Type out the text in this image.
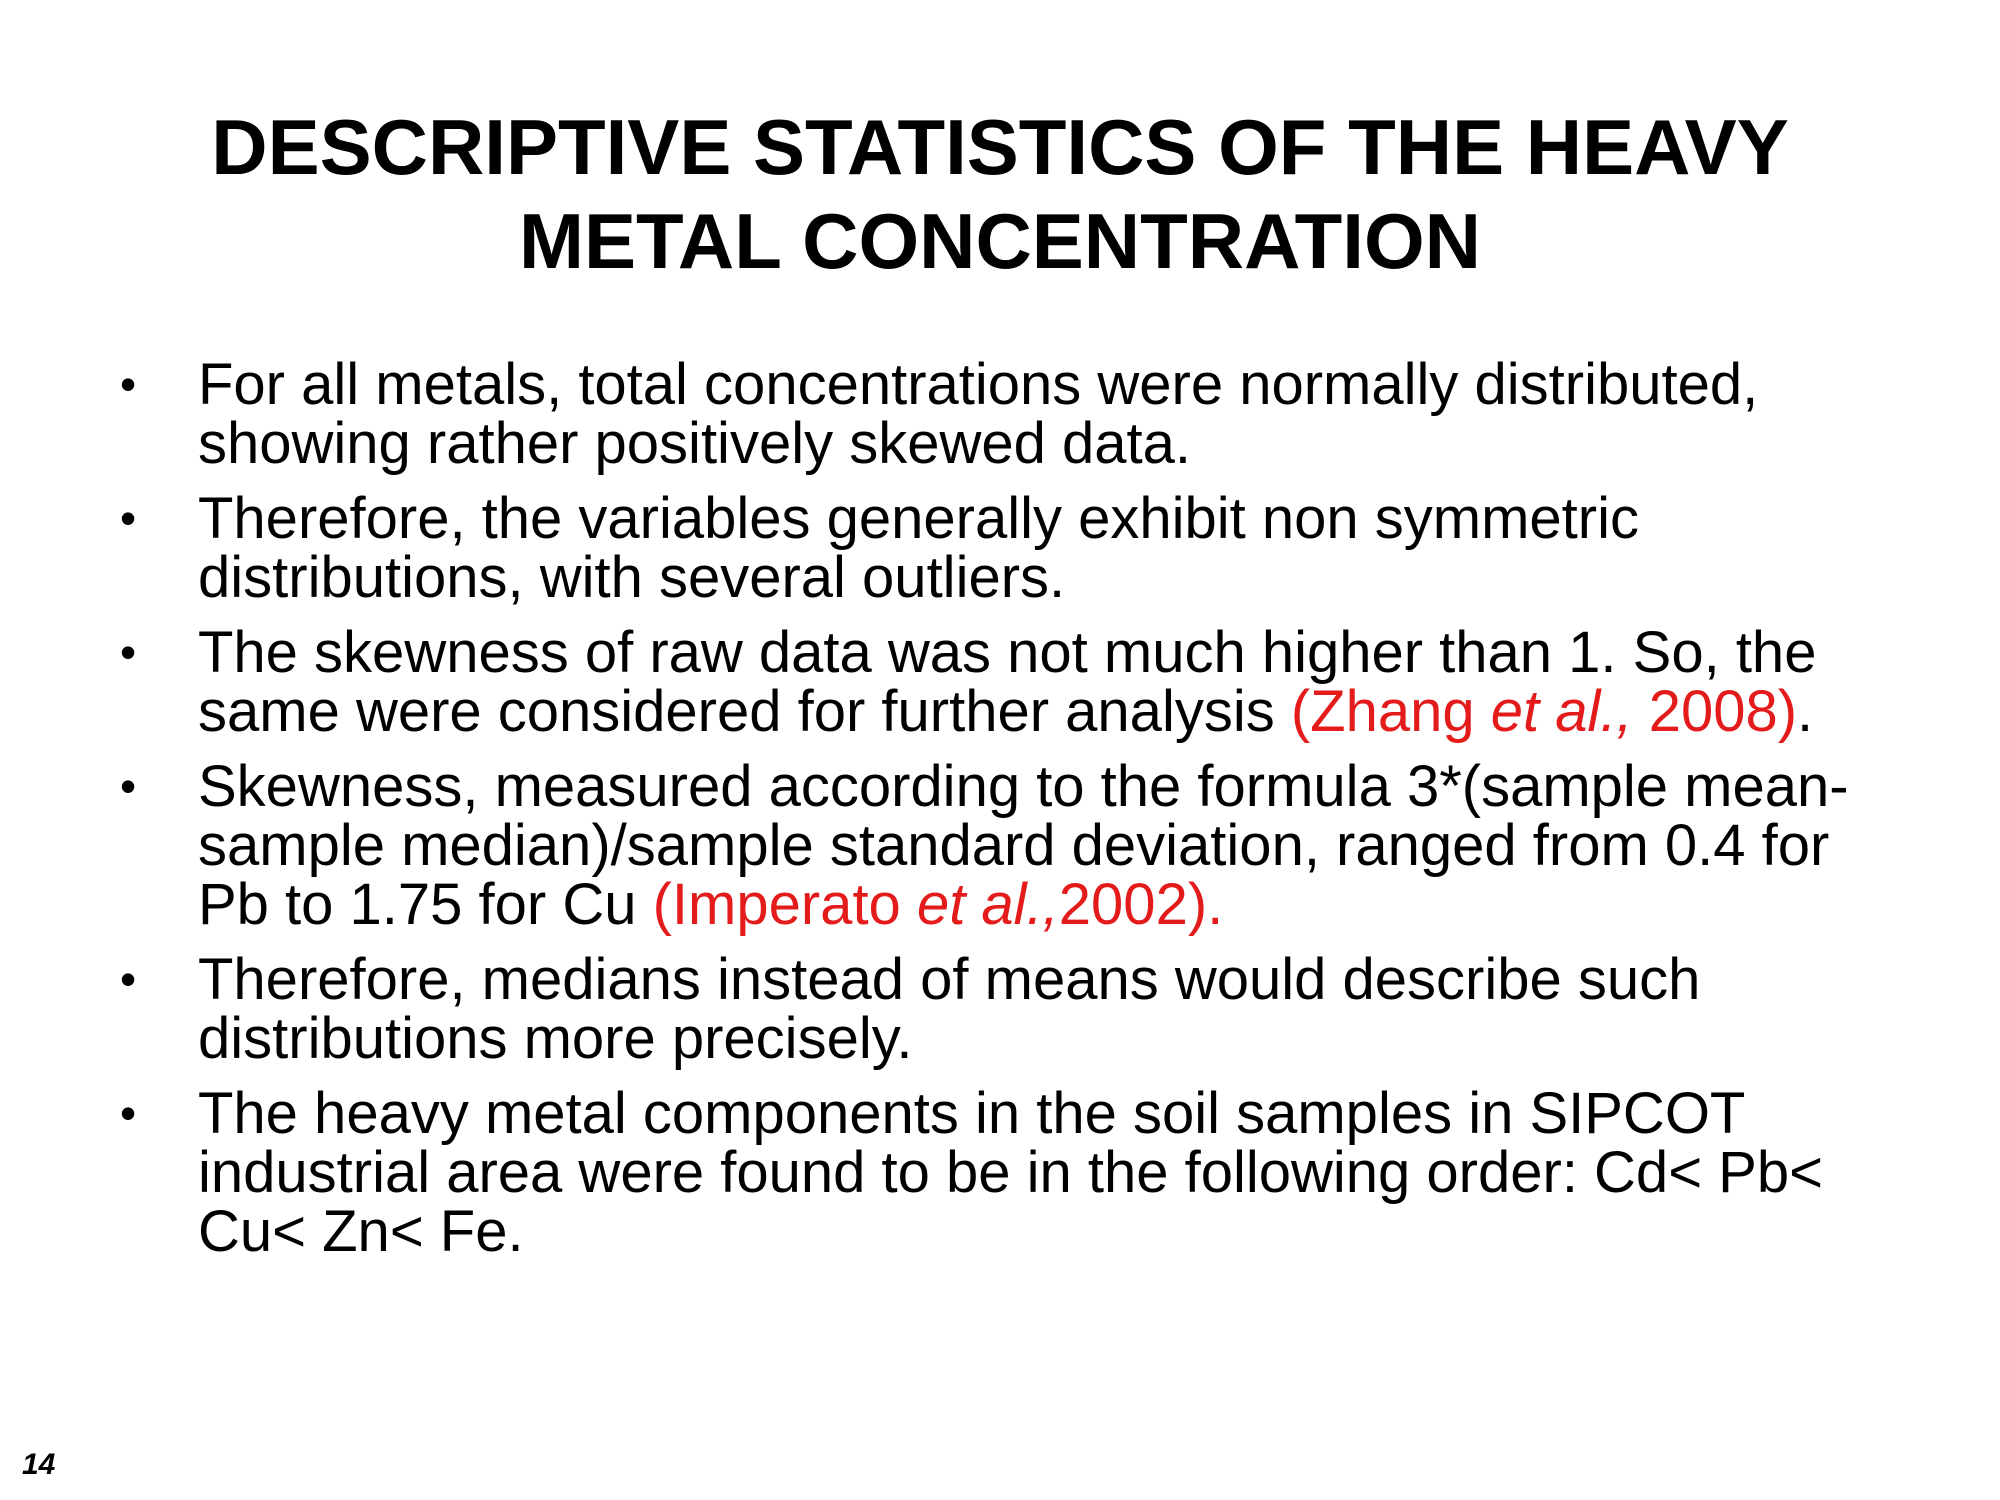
DESCRIPTIVE STATISTICS OF THE HEAVY
METAL CONCENTRATION
• For all metals, total concentrations were normally distributed, showing rather positively skewed data.
• Therefore, the variables generally exhibit non symmetric distributions, with several outliers.
• The skewness of raw data was not much higher than 1. So, the same were considered for further analysis (Zhang et al., 2008).
• Skewness, measured according to the formula 3*(sample mean-sample median)/sample standard deviation, ranged from 0.4 for Pb to 1.75 for Cu (Imperato et al.,2002).
• Therefore, medians instead of means would describe such distributions more precisely.
• The heavy metal components in the soil samples in SIPCOT industrial area were found to be in the following order: Cd< Pb< Cu< Zn< Fe.
14
